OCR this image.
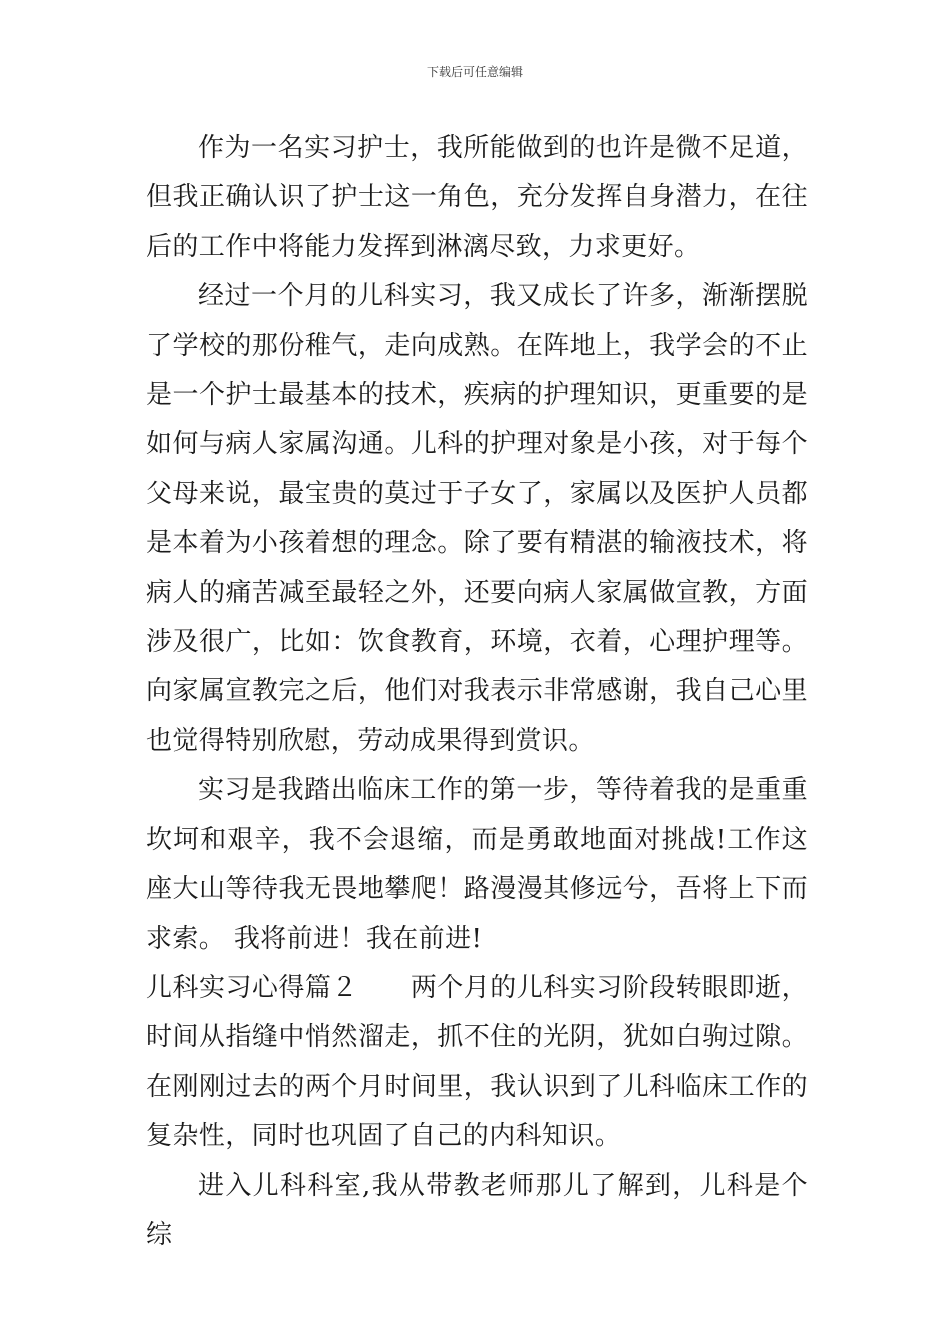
下载后可任意编辑

作为一名实习护士，我所能做到的也许是微不足道，但我正确认识了护士这一角色，充分发挥自身潜力，在往后的工作中将能力发挥到淋漓尽致，力求更好。

经过一个月的儿科实习，我又成长了许多，渐渐摆脱了学校的那份稚气，走向成熟。在阵地上，我学会的不止是一个护士最基本的技术，疾病的护理知识，更重要的是如何与病人家属沟通。儿科的护理对象是小孩，对于每个父母来说，最宝贵的莫过于子女了，家属以及医护人员都是本着为小孩着想的理念。除了要有精湛的输液技术，将病人的痛苦减至最轻之外，还要向病人家属做宣教，方面涉及很广，比如：饮食教育，环境，衣着，心理护理等。向家属宣教完之后，他们对我表示非常感谢，我自己心里也觉得特别欣慰，劳动成果得到赏识。

实习是我踏出临床工作的第一步，等待着我的是重重坎坷和艰辛，我不会退缩，而是勇敢地面对挑战!工作这座大山等待我无畏地攀爬！路漫漫其修远兮，吾将上下而求索。 我将前进！我在前进!

儿科实习心得篇２　　 两个月的儿科实习阶段转眼即逝，时间从指缝中悄然溜走，抓不住的光阴，犹如白驹过隙。在刚刚过去的两个月时间里，我认识到了儿科临床工作的复杂性，同时也巩固了自己的内科知识。

进入儿科科室,我从带教老师那儿了解到，儿科是个综
